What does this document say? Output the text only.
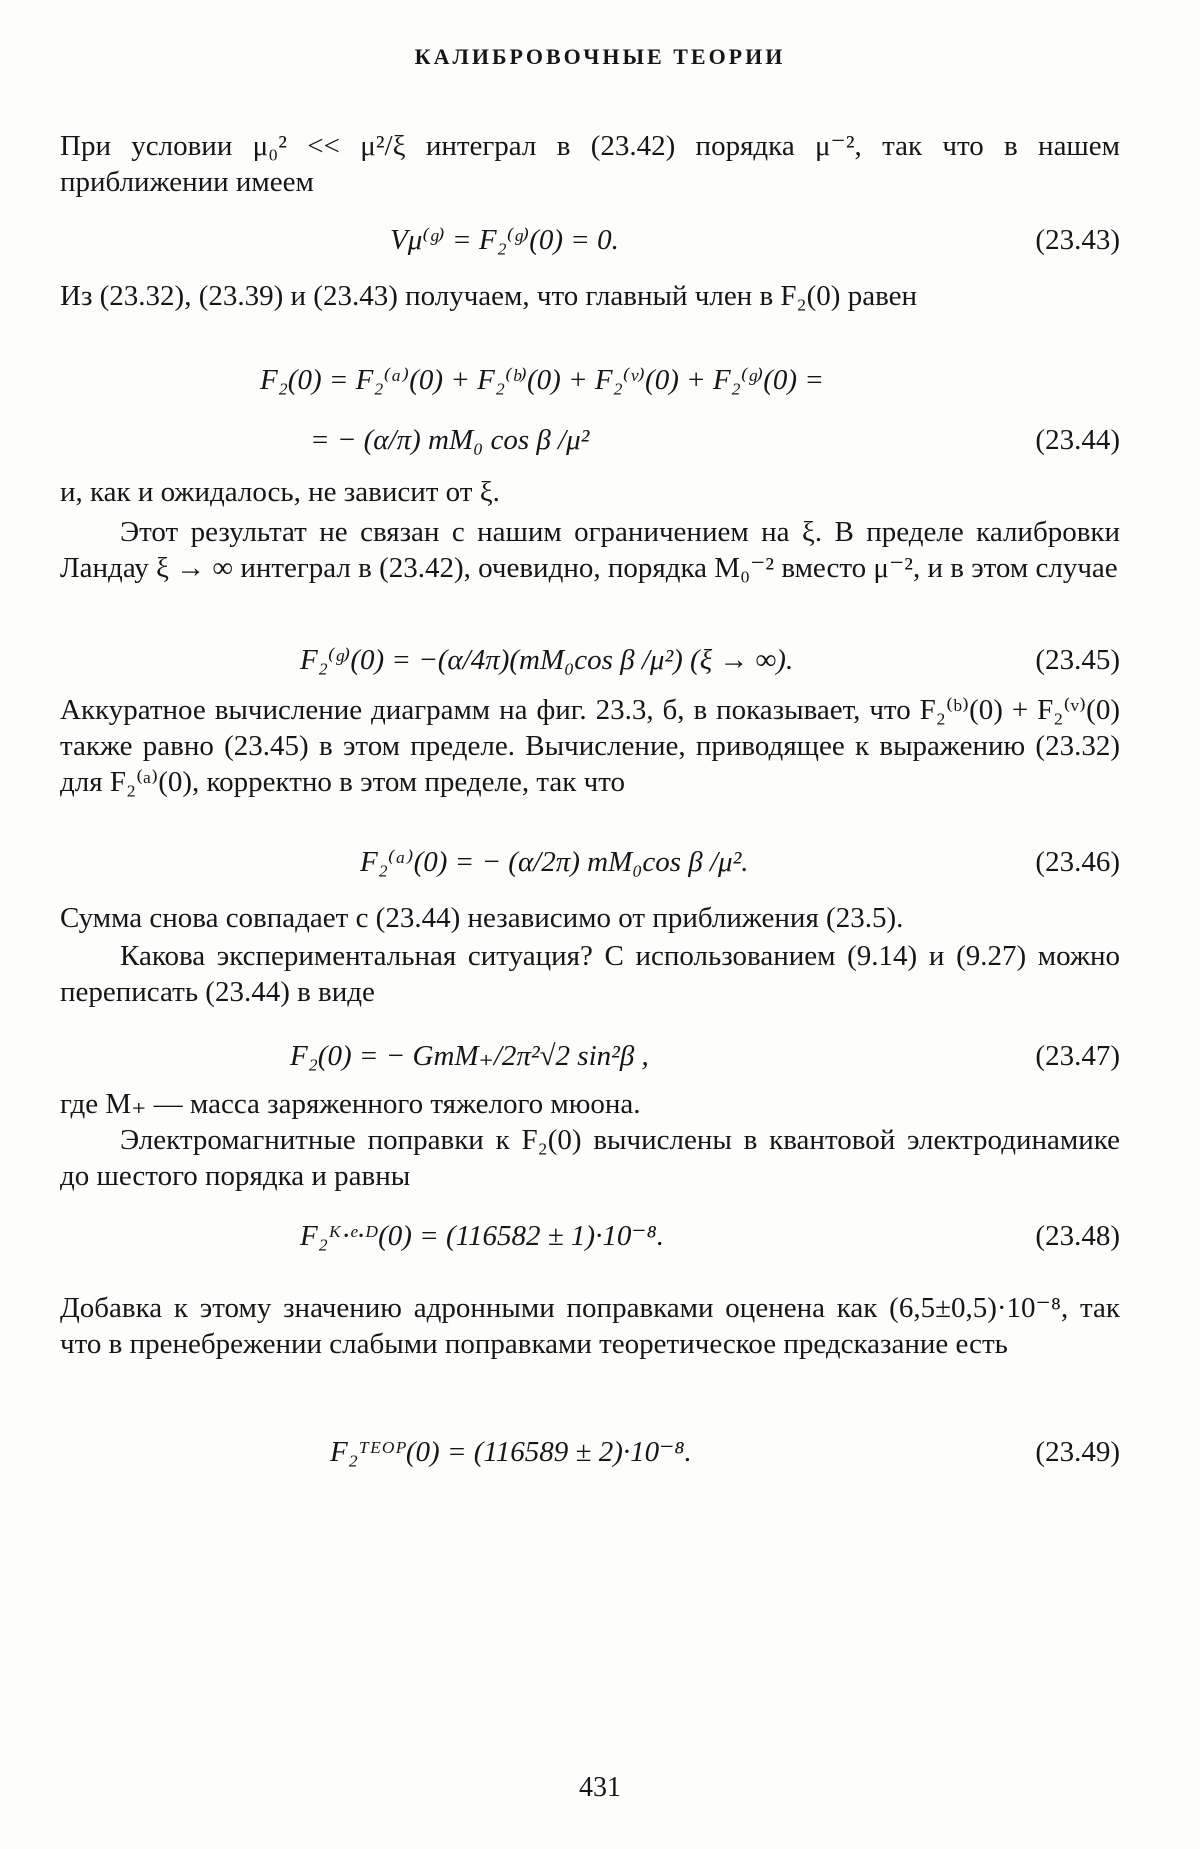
КАЛИБРОВОЧНЫЕ ТЕОРИИ

При условии μ₀² << μ²/ξ интеграл в (23.42) порядка μ⁻², так что в нашем приближении имеем

Vμ⁽ᵍ⁾ = F₂⁽ᵍ⁾(0) = 0.	(23.43)

Из (23.32), (23.39) и (23.43) получаем, что главный член в F₂(0) равен

F₂(0) = F₂⁽ᵃ⁾(0) + F₂⁽ᵇ⁾(0) + F₂⁽ᵛ⁾(0) + F₂⁽ᵍ⁾(0) =
= − (α/π) mM₀ cos β /μ²	(23.44)

и, как и ожидалось, не зависит от ξ.

Этот результат не связан с нашим ограничением на ξ. В пределе калибровки Ландау ξ → ∞ интеграл в (23.42), очевидно, порядка M₀⁻² вместо μ⁻², и в этом случае

F₂⁽ᵍ⁾(0) = −(α/4π)(mM₀cos β /μ²) (ξ → ∞).	(23.45)

Аккуратное вычисление диаграмм на фиг. 23.3, б, в показывает, что F₂⁽ᵇ⁾(0) + F₂⁽ᵛ⁾(0) также равно (23.45) в этом пределе. Вычисление, приводящее к выражению (23.32) для F₂⁽ᵃ⁾(0), корректно в этом пределе, так что

F₂⁽ᵃ⁾(0) = − (α/2π) mM₀cos β /μ².	(23.46)

Сумма снова совпадает с (23.44) независимо от приближения (23.5).

Какова экспериментальная ситуация? С использованием (9.14) и (9.27) можно переписать (23.44) в виде

F₂(0) = − GmM₊/2π²√2 sin²β ,	(23.47)

где M₊ — масса заряженного тяжелого мюона.

Электромагнитные поправки к F₂(0) вычислены в квантовой электродинамике до шестого порядка и равны

F₂ᴷ·ᵉ·ᴰ(0) = (116582 ± 1)·10⁻⁸.	(23.48)

Добавка к этому значению адронными поправками оценена как (6,5±0,5)·10⁻⁸, так что в пренебрежении слабыми поправками теоретическое предсказание есть

F₂ᵀᴱᴼᴾ(0) = (116589 ± 2)·10⁻⁸.	(23.49)
431
